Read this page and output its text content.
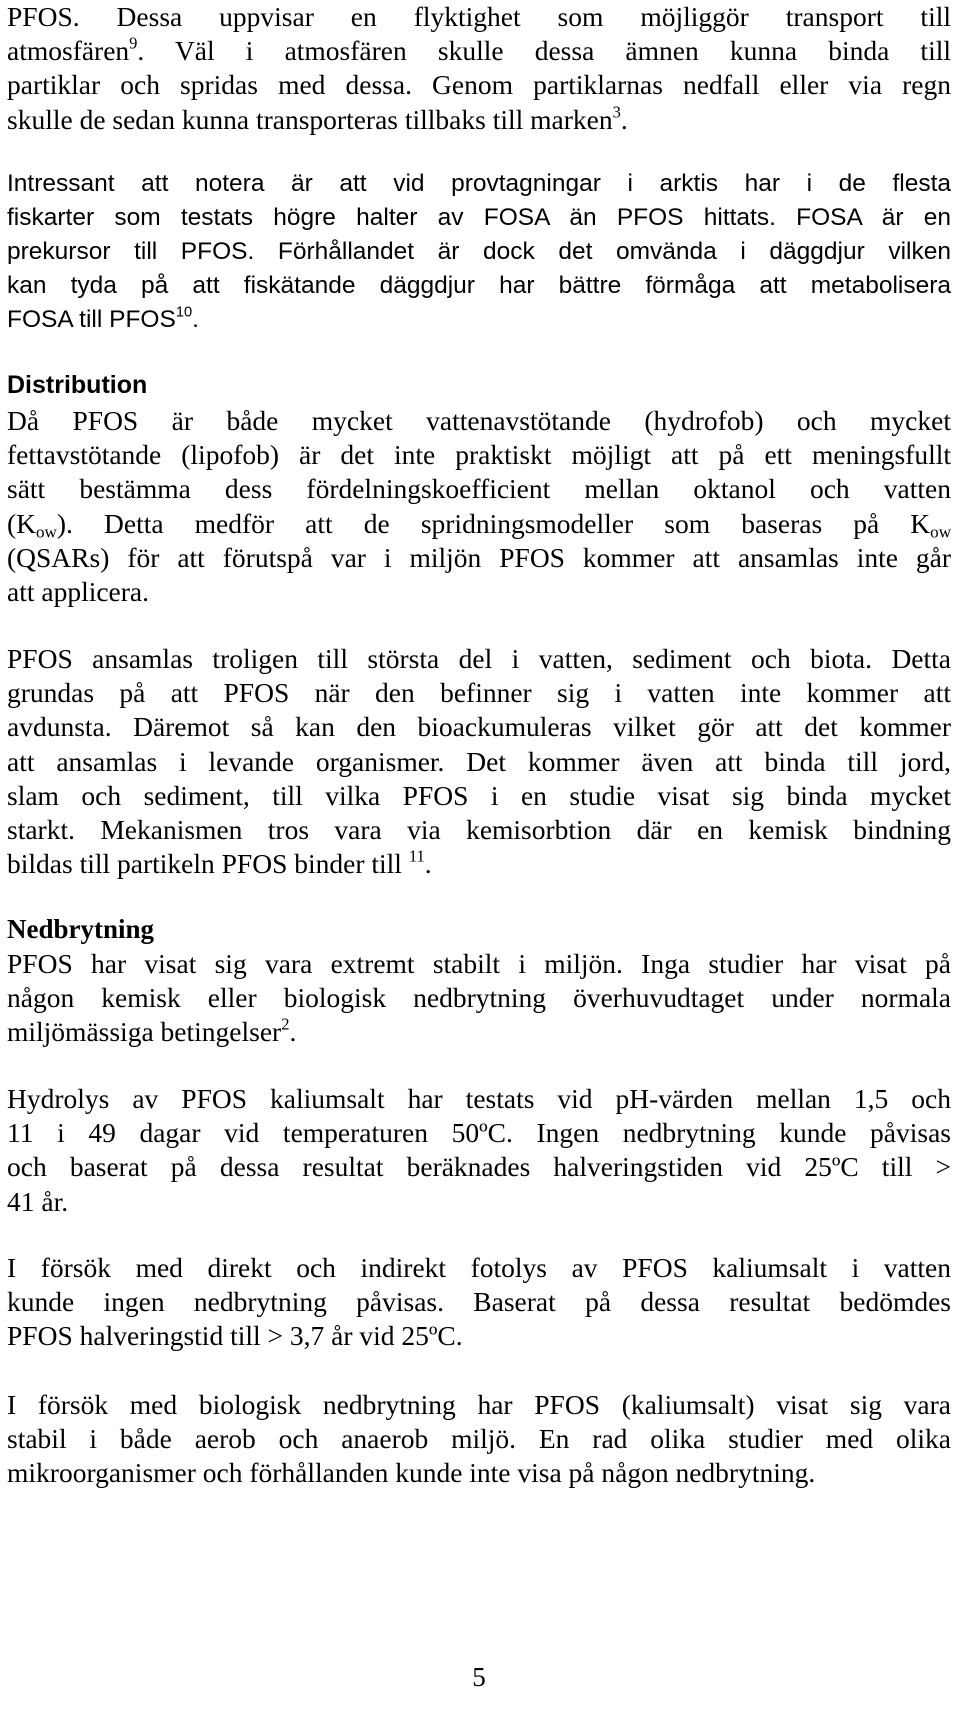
PFOS. Dessa uppvisar en flyktighet som möjliggör transport till
atmosfären$^9$. Väl i atmosfären skulle dessa ämnen kunna binda till
partiklar och spridas med dessa. Genom partiklarnas nedfall eller via regn
skulle de sedan kunna transporteras tillbaks till marken$^3$.

Intressant att notera är att vid provtagningar i arktis har i de flesta
fiskarter som testats högre halter av FOSA än PFOS hittats. FOSA är en
prekursor till PFOS. Förhållandet är dock det omvända i däggdjur vilken
kan tyda på att fiskätande däggdjur har bättre förmåga att metabolisera
FOSA till PFOS$^{10}$.

Distribution

Då PFOS är både mycket vattenavstötande (hydrofob) och mycket
fettavstötande (lipofob) är det inte praktiskt möjligt att på ett meningsfullt
sätt bestämma dess fördelningskoefficient mellan oktanol och vatten
$(K_{ow})$. Detta medför att de spridningsmodeller som baseras på $K_{ow}$
(QSARs) för att förutspå var i miljön PFOS kommer att ansamlas inte går
att applicera.

PFOS ansamlas troligen till största del i vatten, sediment och biota. Detta
grundas på att PFOS när den befinner sig i vatten inte kommer att
avdunsta. Däremot så kan den bioackumuleras vilket gör att det kommer
att ansamlas i levande organismer. Det kommer även att binda till jord,
slam och sediment, till vilka PFOS i en studie visat sig binda mycket
starkt. Mekanismen tros vara via kemisorbtion där en kemisk bindning
bildas till partikeln PFOS binder till $^{11}$.

Nedbrytning

PFOS har visat sig vara extremt stabilt i miljön. Inga studier har visat på
någon kemisk eller biologisk nedbrytning överhuvudtaget under normala
miljömässiga betingelser$^2$.

Hydrolys av PFOS kaliumsalt har testats vid pH-värden mellan 1,5 och
11 i 49 dagar vid temperaturen 50ºC. Ingen nedbrytning kunde påvisas
och baserat på dessa resultat beräknades halveringstiden vid 25ºC till >
41 år.

I försök med direkt och indirekt fotolys av PFOS kaliumsalt i vatten
kunde ingen nedbrytning påvisas. Baserat på dessa resultat bedömdes
PFOS halveringstid till > 3,7 år vid 25ºC.

I försök med biologisk nedbrytning har PFOS (kaliumsalt) visat sig vara
stabil i både aerob och anaerob miljö. En rad olika studier med olika
mikroorganismer och förhållanden kunde inte visa på någon nedbrytning.

5
